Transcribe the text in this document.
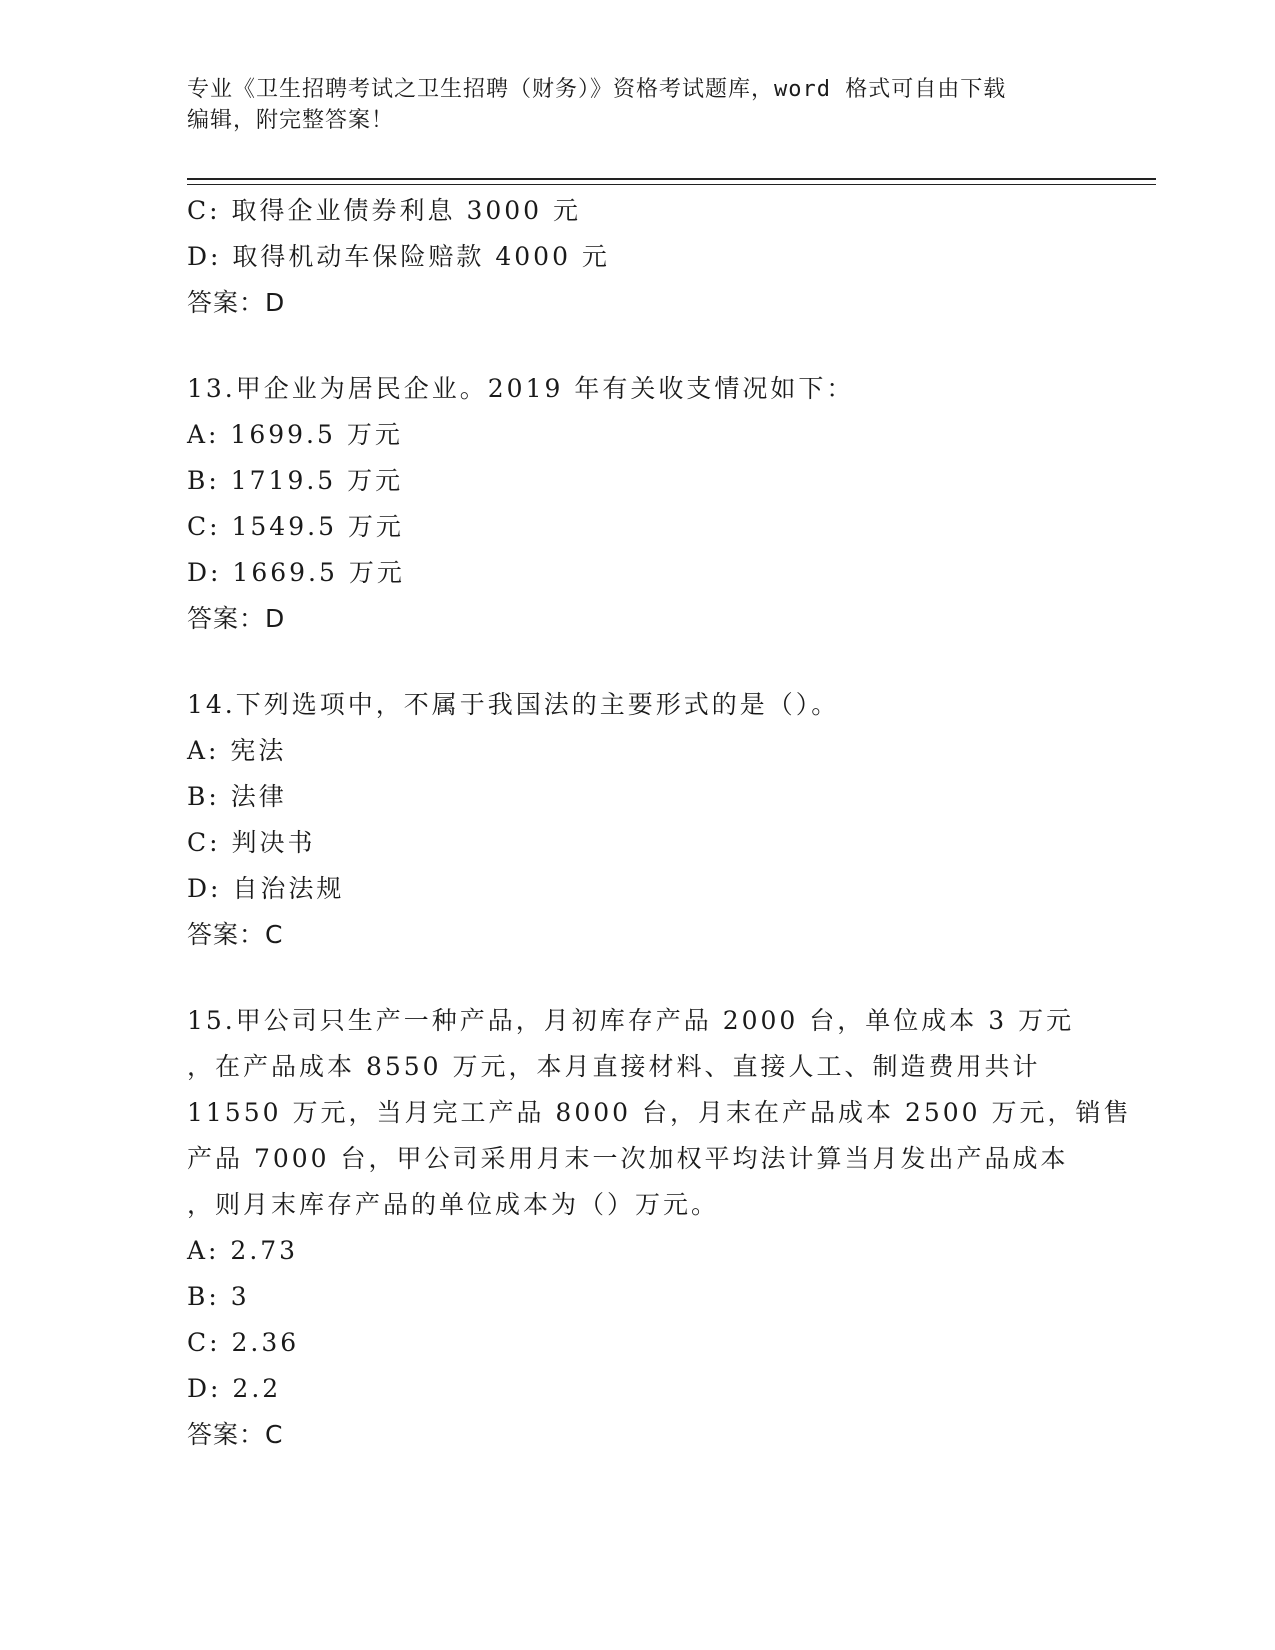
专业《卫生招聘考试之卫生招聘（财务）》资格考试题库，word 格式可自由下载
编辑，附完整答案！
C: 取得企业债券利息 3000 元
D: 取得机动车保险赔款 4000 元
答案：D
13.甲企业为居民企业。2019 年有关收支情况如下：
A: 1699.5 万元
B: 1719.5 万元
C: 1549.5 万元
D: 1669.5 万元
答案：D
14.下列选项中，不属于我国法的主要形式的是（）。
A: 宪法
B: 法律
C: 判决书
D: 自治法规
答案：C
15.甲公司只生产一种产品，月初库存产品 2000 台，单位成本 3 万元
，在产品成本 8550 万元，本月直接材料、直接人工、制造费用共计
11550 万元，当月完工产品 8000 台，月末在产品成本 2500 万元，销售
产品 7000 台，甲公司采用月末一次加权平均法计算当月发出产品成本
，则月末库存产品的单位成本为（）万元。
A: 2.73
B: 3
C: 2.36
D: 2.2
答案：C
